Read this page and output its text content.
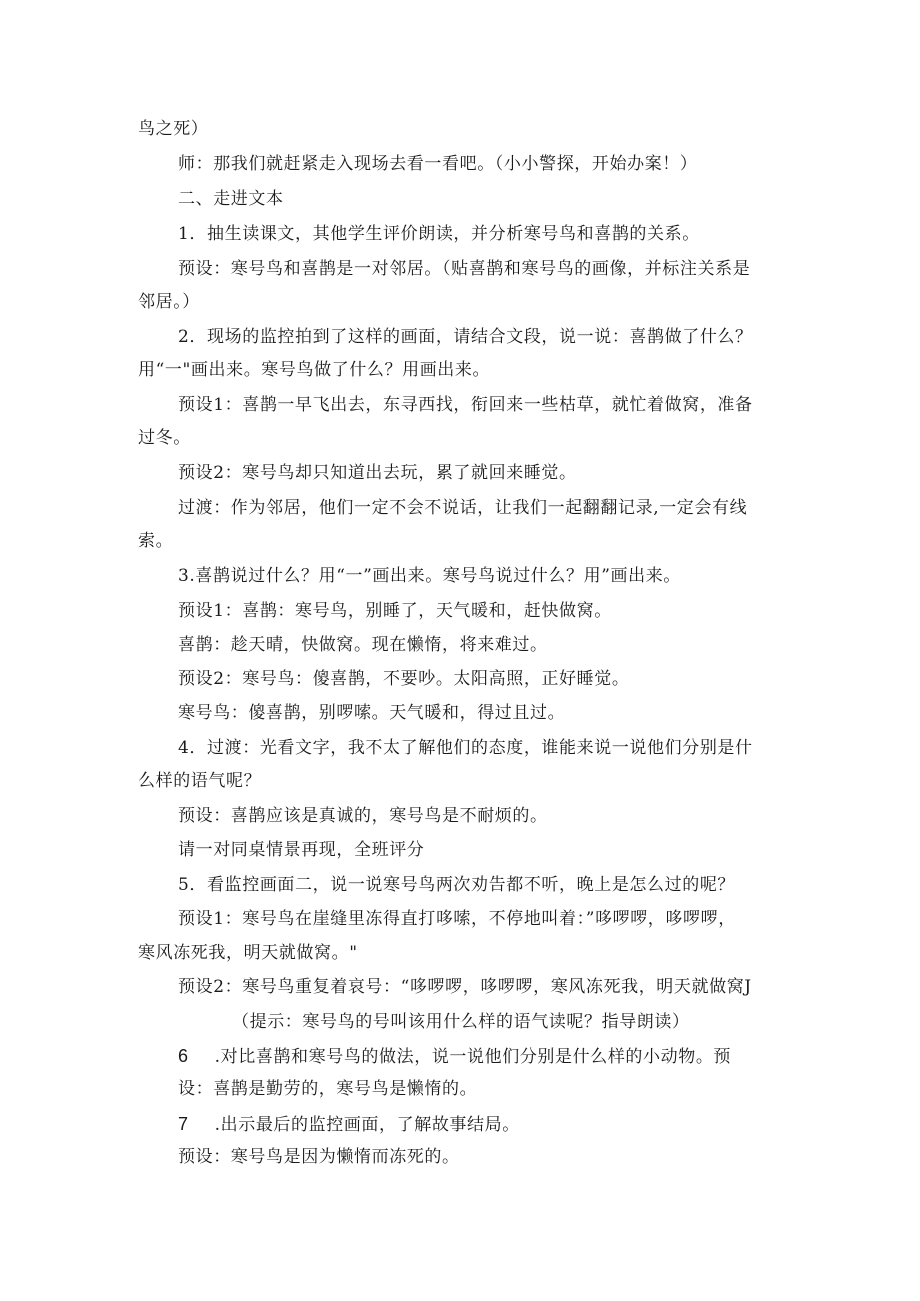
鸟之死）
师：那我们就赶紧走入现场去看一看吧。（小小警探，开始办案！）
二、走进文本
1．抽生读课文，其他学生评价朗读，并分析寒号鸟和喜鹊的关系。
预设：寒号鸟和喜鹊是一对邻居。（贴喜鹊和寒号鸟的画像，并标注关系是
邻居。）
2．现场的监控拍到了这样的画面，请结合文段，说一说：喜鹊做了什么？
用“一"画出来。寒号鸟做了什么？用画出来。
预设1：喜鹊一早飞出去，东寻西找，衔回来一些枯草，就忙着做窝，准备
过冬。
预设2：寒号鸟却只知道出去玩，累了就回来睡觉。
过渡：作为邻居，他们一定不会不说话，让我们一起翻翻记录,一定会有线
索。
3.喜鹊说过什么？用“一”画出来。寒号鸟说过什么？用”画出来。
预设1：喜鹊：寒号鸟，别睡了，天气暖和，赶快做窝。
喜鹊：趁天晴，快做窝。现在懒惰，将来难过。
预设2：寒号鸟：傻喜鹊，不要吵。太阳高照，正好睡觉。
寒号鸟：傻喜鹊，别啰嗦。天气暖和，得过且过。
4．过渡：光看文字，我不太了解他们的态度，谁能来说一说他们分别是什
么样的语气呢？
预设：喜鹊应该是真诚的，寒号鸟是不耐烦的。
请一对同桌情景再现，全班评分
5．看监控画面二，说一说寒号鸟两次劝告都不听，晚上是怎么过的呢？
预设1：寒号鸟在崖缝里冻得直打哆嗦，不停地叫着：”哆啰啰，哆啰啰，
寒风冻死我，明天就做窝。"
预设2：寒号鸟重复着哀号：“哆啰啰，哆啰啰，寒风冻死我，明天就做窝J
（提示：寒号鸟的号叫该用什么样的语气读呢？指导朗读）
6 .对比喜鹊和寒号鸟的做法，说一说他们分别是什么样的小动物。预
设：喜鹊是勤劳的，寒号鸟是懒惰的。
7 .出示最后的监控画面，了解故事结局。
预设：寒号鸟是因为懒惰而冻死的。
